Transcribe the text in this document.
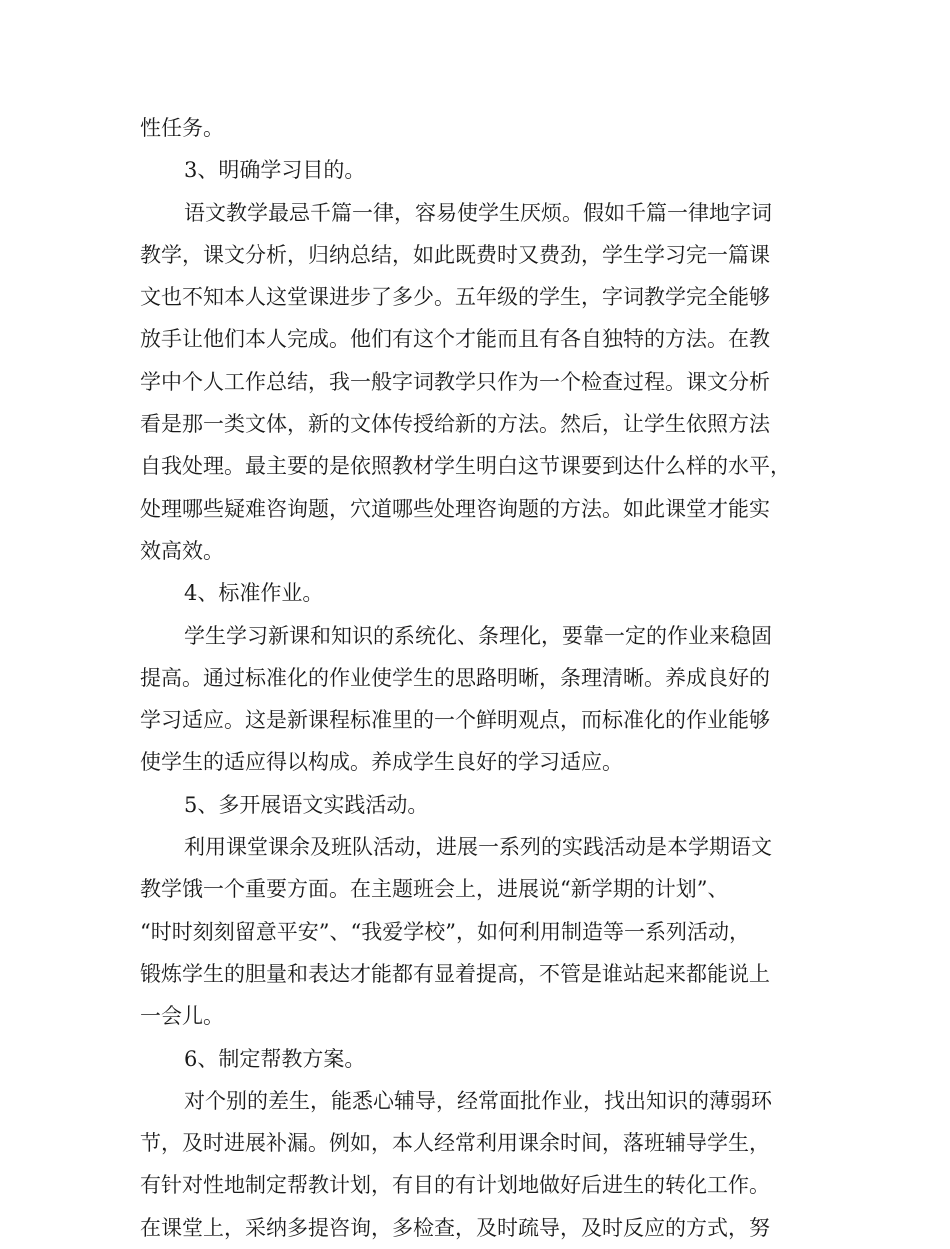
性任务。
3、明确学习目的。
语文教学最忌千篇一律，容易使学生厌烦。假如千篇一律地字词
教学，课文分析，归纳总结，如此既费时又费劲，学生学习完一篇课
文也不知本人这堂课进步了多少。五年级的学生，字词教学完全能够
放手让他们本人完成。他们有这个才能而且有各自独特的方法。在教
学中个人工作总结，我一般字词教学只作为一个检查过程。课文分析
看是那一类文体，新的文体传授给新的方法。然后，让学生依照方法
自我处理。最主要的是依照教材学生明白这节课要到达什么样的水平，
处理哪些疑难咨询题，穴道哪些处理咨询题的方法。如此课堂才能实
效高效。
4、标准作业。
学生学习新课和知识的系统化、条理化，要靠一定的作业来稳固
提高。通过标准化的作业使学生的思路明晰，条理清晰。养成良好的
学习适应。这是新课程标准里的一个鲜明观点，而标准化的作业能够
使学生的适应得以构成。养成学生良好的学习适应。
5、多开展语文实践活动。
利用课堂课余及班队活动，进展一系列的实践活动是本学期语文
教学饿一个重要方面。在主题班会上，进展说“新学期的计划”、
“时时刻刻留意平安”、“我爱学校”，如何利用制造等一系列活动，
锻炼学生的胆量和表达才能都有显着提高，不管是谁站起来都能说上
一会儿。
6、制定帮教方案。
对个别的差生，能悉心辅导，经常面批作业，找出知识的薄弱环
节，及时进展补漏。例如，本人经常利用课余时间，落班辅导学生，
有针对性地制定帮教计划，有目的有计划地做好后进生的转化工作。
在课堂上，采纳多提咨询，多检查，及时疏导，及时反应的方式，努
